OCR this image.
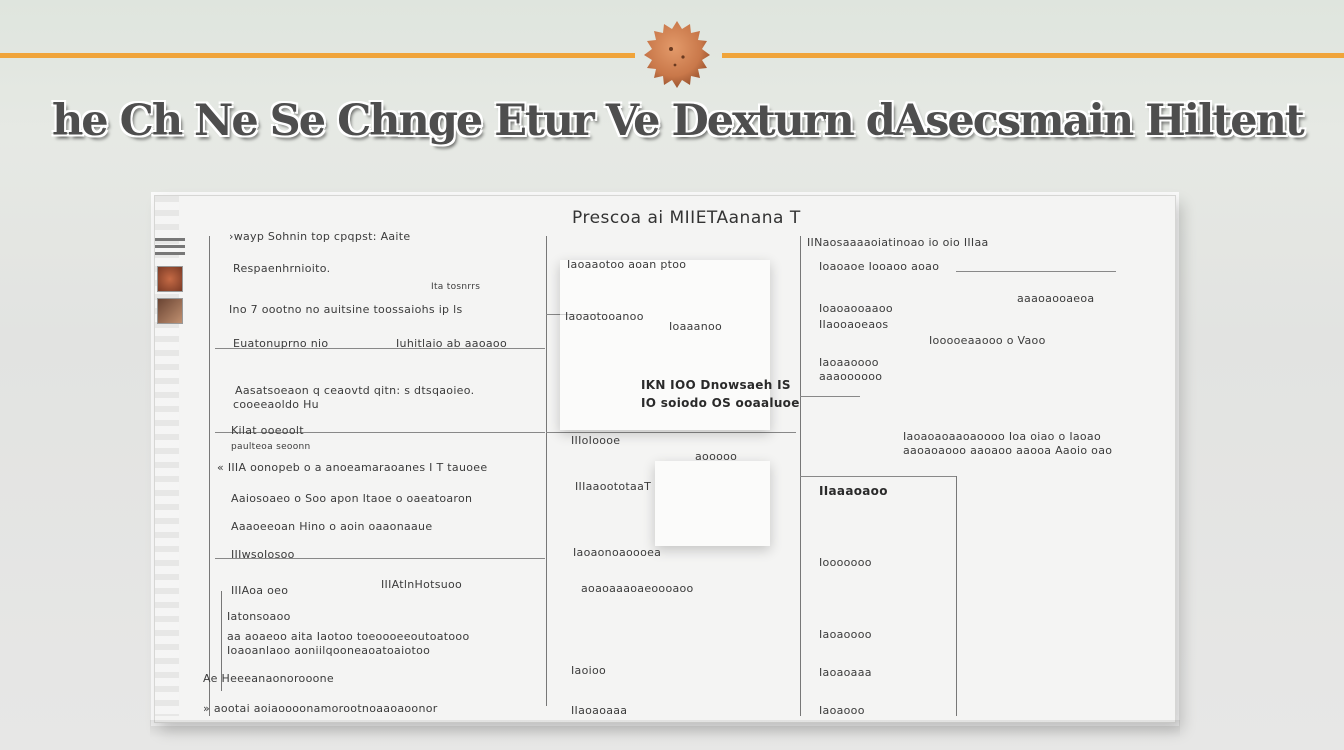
he Ch Ne Se Chnge Etur Ve Dexturn dAsecsmain Hiltent
Prescoa ai MIIETAanana T
›wayp Sohnin top cpqpst: Aaite
Respaenhrnioito.
Ita tosnrrs
Ino 7 oootno no auitsine toossaiohs ip ls
Euatonuprno nio	Iuhitlaio ab aaoaoo
Aasatsoeaon q ceaovtd qitn: s dtsqaoieo.
cooeeaoldo Hu
Kilat ooeoolt
paulteoa seoonn
« IIIA oonopeb o a anoeamaraoanes I T tauoee
Aaiosoaeo o Soo apon Itaoe o oaeatoaron
Aaaoeeoan Hino o aoin oaaonaaue
IIIwsoIosoo
IIIAtlnHotsuoo
IIIAoa oeo
Iatonsoaoo
aa aoaeoo aita Iaotoo toeoooeeoutoatooo
Ioaoanlaoo aoniilqooneaoatoaiotoo
Ae Heeeanaonorooone
» aootai aoiaoooonamorootnoaaoaoonor
Iaoaaotoo aoan ptoo
Iaoaotooanoo
Ioaaanoo
IKN IOO Dnowsaeh IS
IO soiodo OS ooaaluoe
IIIoIoooe
aooooo
IIIaaoototaaT
Iaoaonoaoooea
aoaoaaaoaeoooaoo
Iaoioo
IIaoaoaaa
IINaosaaaaoiatinoao io oio IIIaa
Ioaoaoe Iooaoo aoao
aaaoaooaeoa
Ioaoaooaaoo
IIaooaoeaos
Iooooeaaooo o Vaoo
Iaoaaoooo
aaaoooooo
Iaoaoaoaaoaoooo Ioa oiao o Iaoao
aaoaoaooo aaoaoo aaooa Aaoio oao
IIaaaoaoo
Iooooooo
Iaoaoooo
Iaoaoaaa
Iaoaooo
